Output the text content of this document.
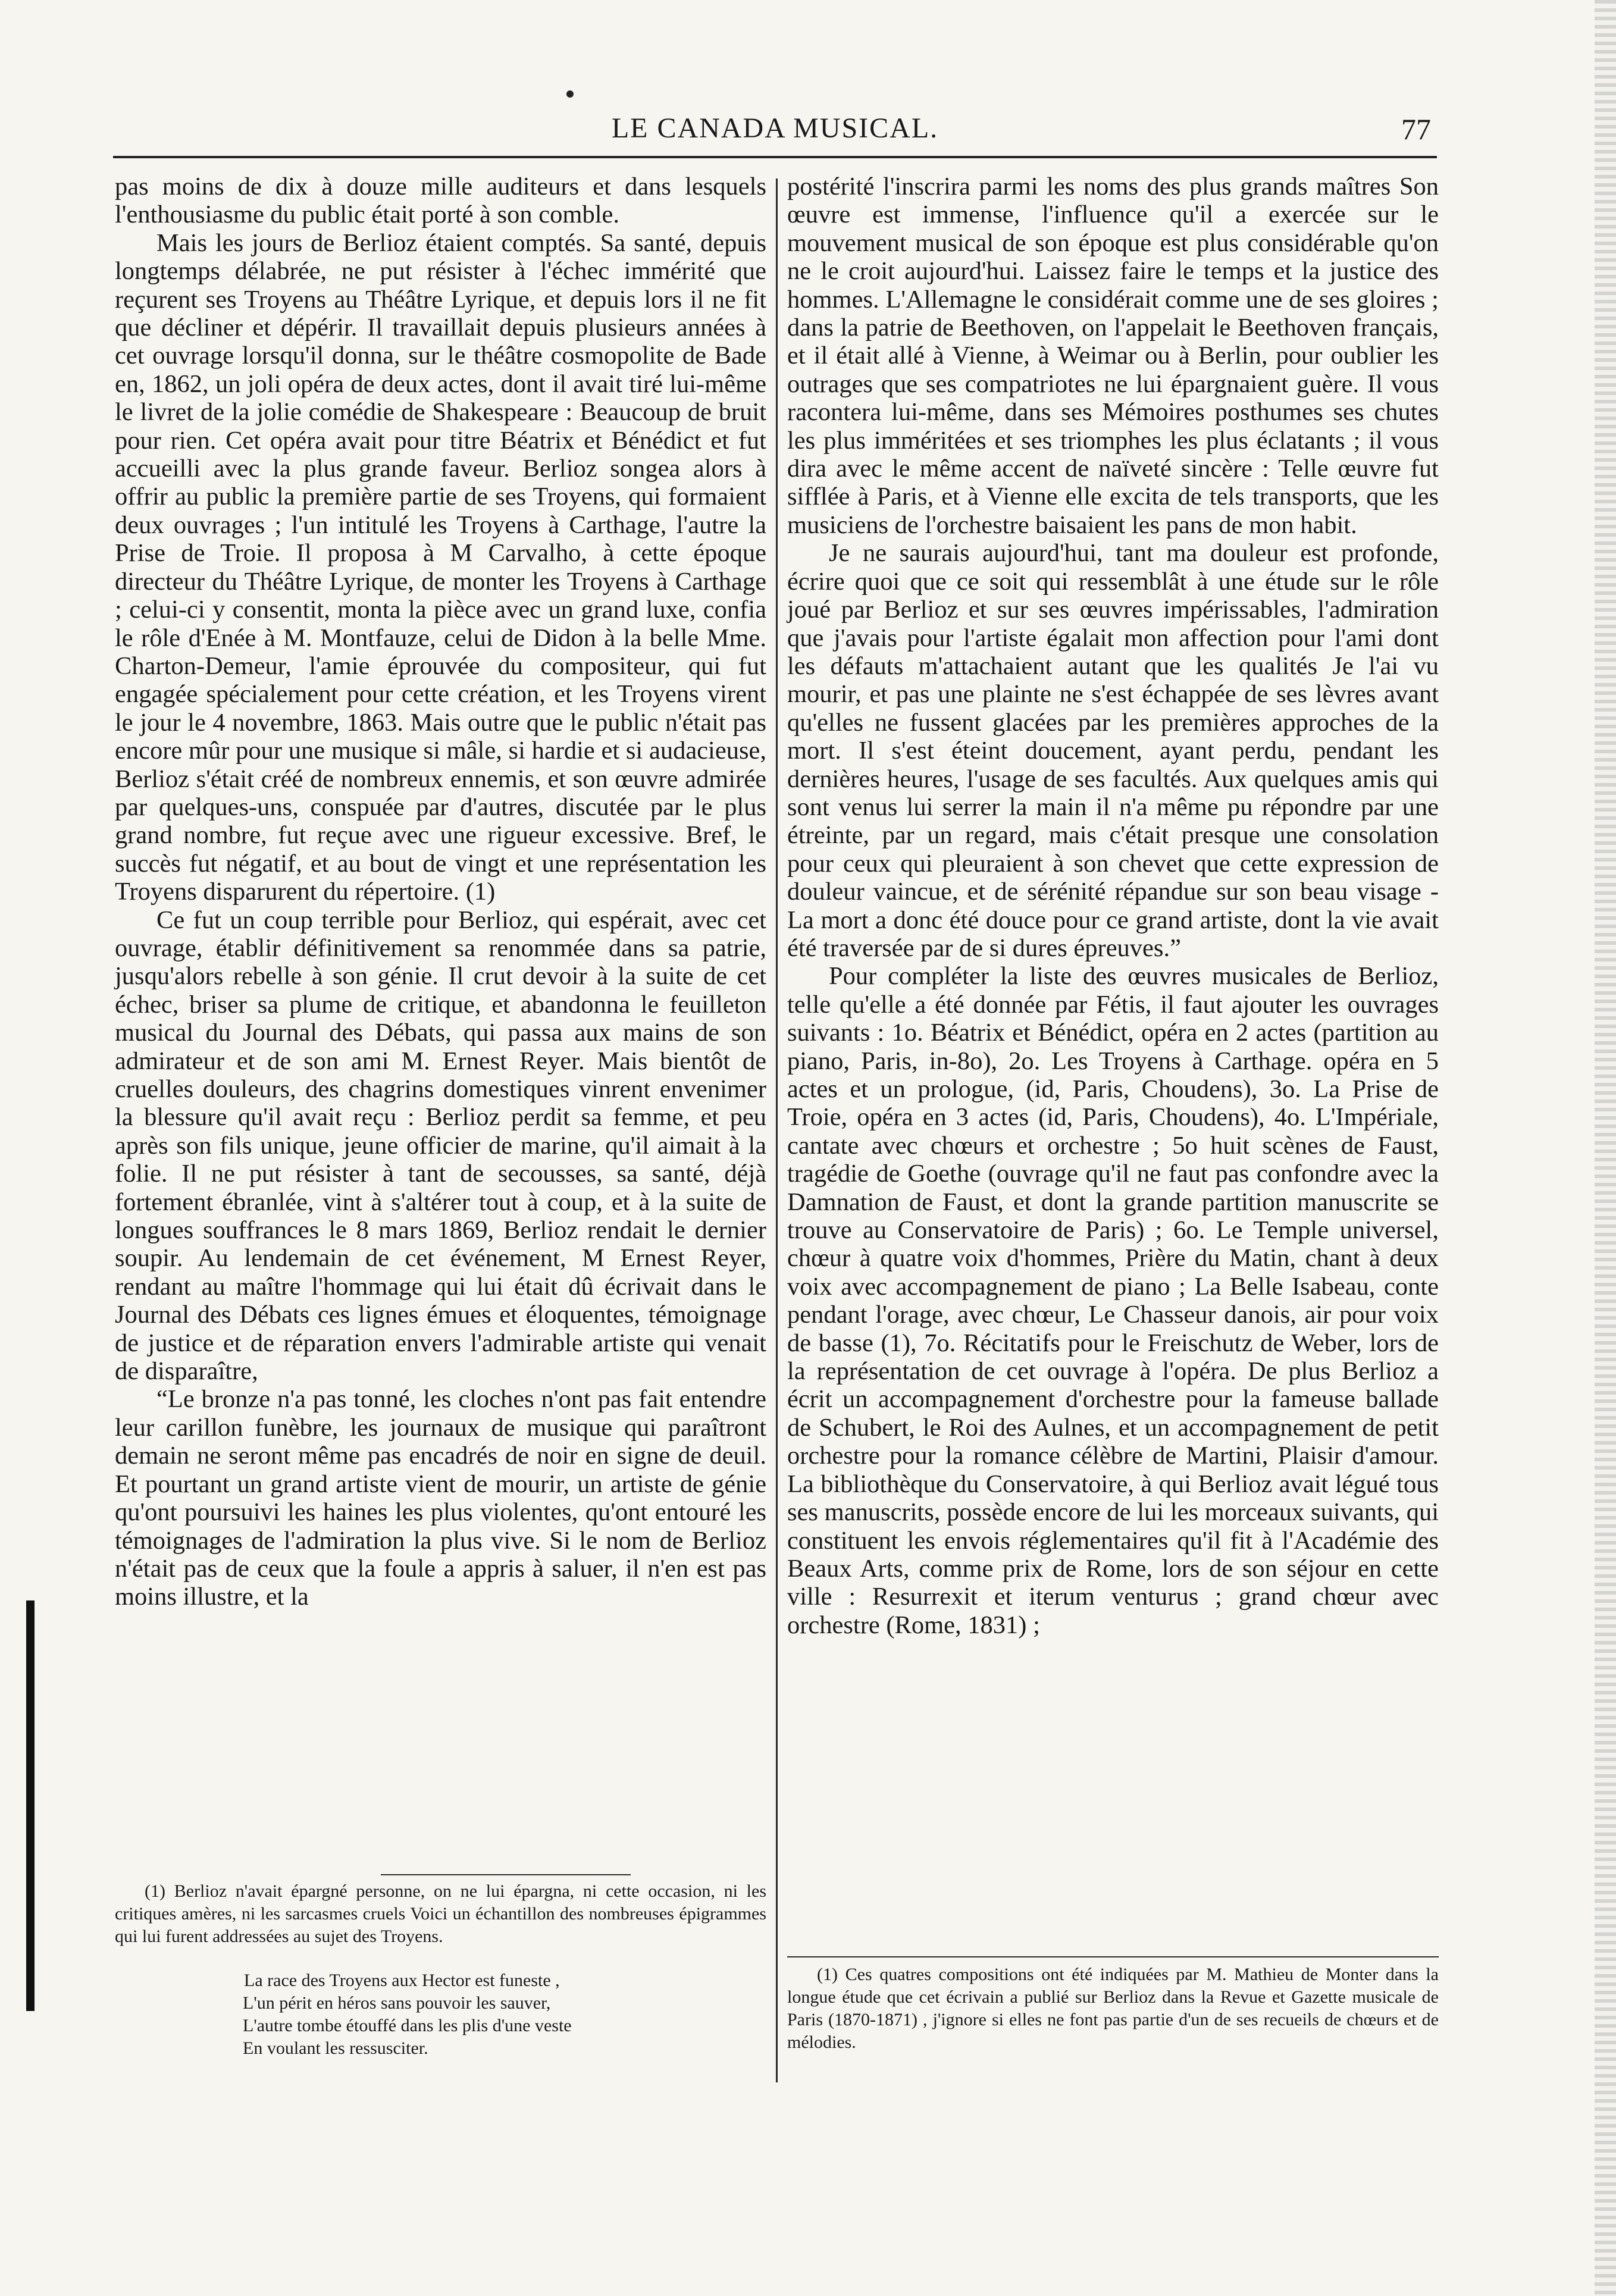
LE CANADA MUSICAL.	77

pas moins de dix à douze mille auditeurs et dans lesquels l'enthousiasme du public était porté à son comble.

Mais les jours de Berlioz étaient comptés. Sa santé, depuis longtemps délabrée, ne put résister à l'échec immérité que reçurent ses Troyens au Théâtre Lyrique, et depuis lors il ne fit que décliner et dépérir. Il travaillait depuis plusieurs années à cet ouvrage lorsqu'il donna, sur le théâtre cosmopolite de Bade en, 1862, un joli opéra de deux actes, dont il avait tiré lui-même le livret de la jolie comédie de Shakespeare : Beaucoup de bruit pour rien. Cet opéra avait pour titre Béatrix et Bénédict et fut accueilli avec la plus grande faveur. Berlioz songea alors à offrir au public la première partie de ses Troyens, qui formaient deux ouvrages ; l'un intitulé les Troyens à Carthage, l'autre la Prise de Troie. Il proposa à M Carvalho, à cette époque directeur du Théâtre Lyrique, de monter les Troyens à Carthage ; celui-ci y consentit, monta la pièce avec un grand luxe, confia le rôle d'Enée à M. Montfauze, celui de Didon à la belle Mme. Charton-Demeur, l'amie éprouvée du compositeur, qui fut engagée spécialement pour cette création, et les Troyens virent le jour le 4 novembre, 1863. Mais outre que le public n'était pas encore mûr pour une musique si mâle, si hardie et si audacieuse, Berlioz s'était créé de nombreux ennemis, et son œuvre admirée par quelques-uns, conspuée par d'autres, discutée par le plus grand nombre, fut reçue avec une rigueur excessive. Bref, le succès fut négatif, et au bout de vingt et une représentation les Troyens disparurent du répertoire. (1)

Ce fut un coup terrible pour Berlioz, qui espérait, avec cet ouvrage, établir définitivement sa renommée dans sa patrie, jusqu'alors rebelle à son génie. Il crut devoir à la suite de cet échec, briser sa plume de critique, et abandonna le feuilleton musical du Journal des Débats, qui passa aux mains de son admirateur et de son ami M. Ernest Reyer. Mais bientôt de cruelles douleurs, des chagrins domestiques vinrent envenimer la blessure qu'il avait reçu : Berlioz perdit sa femme, et peu après son fils unique, jeune officier de marine, qu'il aimait à la folie. Il ne put résister à tant de secousses, sa santé, déjà fortement ébranlée, vint à s'altérer tout à coup, et à la suite de longues souffrances le 8 mars 1869, Berlioz rendait le dernier soupir. Au lendemain de cet événement, M Ernest Reyer, rendant au maître l'hommage qui lui était dû écrivait dans le Journal des Débats ces lignes émues et éloquentes, témoignage de justice et de réparation envers l'admirable artiste qui venait de disparaître,

“Le bronze n'a pas tonné, les cloches n'ont pas fait entendre leur carillon funèbre, les journaux de musique qui paraîtront demain ne seront même pas encadrés de noir en signe de deuil. Et pourtant un grand artiste vient de mourir, un artiste de génie qu'ont poursuivi les haines les plus violentes, qu'ont entouré les témoignages de l'admiration la plus vive. Si le nom de Berlioz n'était pas de ceux que la foule a appris à saluer, il n'en est pas moins illustre, et la

postérité l'inscrira parmi les noms des plus grands maîtres Son œuvre est immense, l'influence qu'il a exercée sur le mouvement musical de son époque est plus considérable qu'on ne le croit aujourd'hui. Laissez faire le temps et la justice des hommes. L'Allemagne le considérait comme une de ses gloires ; dans la patrie de Beethoven, on l'appelait le Beethoven français, et il était allé à Vienne, à Weimar ou à Berlin, pour oublier les outrages que ses compatriotes ne lui épargnaient guère. Il vous racontera lui-même, dans ses Mémoires posthumes ses chutes les plus imméritées et ses triomphes les plus éclatants ; il vous dira avec le même accent de naïveté sincère : Telle œuvre fut sifflée à Paris, et à Vienne elle excita de tels transports, que les musiciens de l'orchestre baisaient les pans de mon habit.

Je ne saurais aujourd'hui, tant ma douleur est profonde, écrire quoi que ce soit qui ressemblât à une étude sur le rôle joué par Berlioz et sur ses œuvres impérissables, l'admiration que j'avais pour l'artiste égalait mon affection pour l'ami dont les défauts m'attachaient autant que les qualités Je l'ai vu mourir, et pas une plainte ne s'est échappée de ses lèvres avant qu'elles ne fussent glacées par les premières approches de la mort. Il s'est éteint doucement, ayant perdu, pendant les dernières heures, l'usage de ses facultés. Aux quelques amis qui sont venus lui serrer la main il n'a même pu répondre par une étreinte, par un regard, mais c'était presque une consolation pour ceux qui pleuraient à son chevet que cette expression de douleur vaincue, et de sérénité répandue sur son beau visage - La mort a donc été douce pour ce grand artiste, dont la vie avait été traversée par de si dures épreuves.”

Pour compléter la liste des œuvres musicales de Berlioz, telle qu'elle a été donnée par Fétis, il faut ajouter les ouvrages suivants : 1o. Béatrix et Bénédict, opéra en 2 actes (partition au piano, Paris, in-8o), 2o. Les Troyens à Carthage. opéra en 5 actes et un prologue, (id, Paris, Choudens), 3o. La Prise de Troie, opéra en 3 actes (id, Paris, Choudens), 4o. L'Impériale, cantate avec chœurs et orchestre ; 5o huit scènes de Faust, tragédie de Goethe (ouvrage qu'il ne faut pas confondre avec la Damnation de Faust, et dont la grande partition manuscrite se trouve au Conservatoire de Paris) ; 6o. Le Temple universel, chœur à quatre voix d'hommes, Prière du Matin, chant à deux voix avec accompagnement de piano ; La Belle Isabeau, conte pendant l'orage, avec chœur, Le Chasseur danois, air pour voix de basse (1), 7o. Récitatifs pour le Freischutz de Weber, lors de la représentation de cet ouvrage à l'opéra. De plus Berlioz a écrit un accompagnement d'orchestre pour la fameuse ballade de Schubert, le Roi des Aulnes, et un accompagnement de petit orchestre pour la romance célèbre de Martini, Plaisir d'amour. La bibliothèque du Conservatoire, à qui Berlioz avait légué tous ses manuscrits, possède encore de lui les morceaux suivants, qui constituent les envois réglementaires qu'il fit à l'Académie des Beaux Arts, comme prix de Rome, lors de son séjour en cette ville : Resurrexit et iterum venturus ; grand chœur avec orchestre (Rome, 1831) ;

(1) Berlioz n'avait épargné personne, on ne lui épargna, ni cette occasion, ni les critiques amères, ni les sarcasmes cruels Voici un échantillon des nombreuses épigrammes qui lui furent addressées au sujet des Troyens.

La race des Troyens aux Hector est funeste ,
L'un périt en héros sans pouvoir les sauver,
L'autre tombe étouffé dans les plis d'une veste
En voulant les ressusciter.

(1) Ces quatres compositions ont été indiquées par M. Mathieu de Monter dans la longue étude que cet écrivain a publié sur Berlioz dans la Revue et Gazette musicale de Paris (1870-1871) , j'ignore si elles ne font pas partie d'un de ses recueils de chœurs et de mélodies.
